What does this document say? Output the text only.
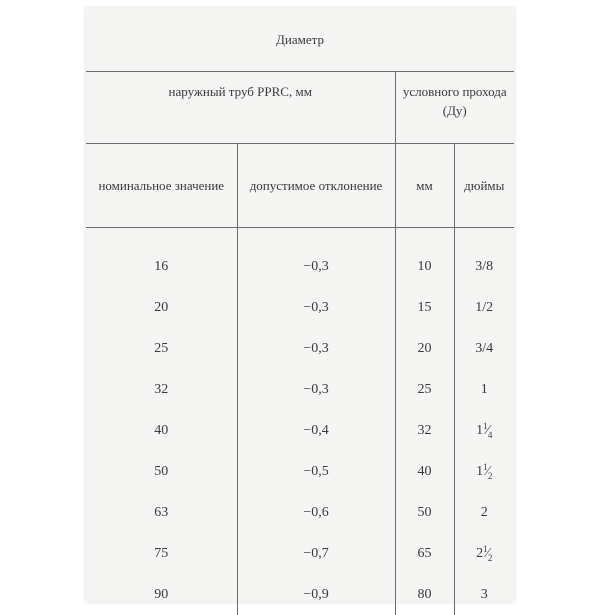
Диаметр			
наружный труб PPRC, мм		условного прохода (Ду)	
номинальное значение	допустимое отклонение	мм	дюймы

16	−0,3	10	3/8
20	−0,3	15	1/2
25	−0,3	20	3/4
32	−0,3	25	1
40	−0,4	32	$1^1⁄_4$
50	−0,5	40	$1^1⁄_2$
63	−0,6	50	2
75	−0,7	65	$2^1⁄_2$
90	−0,9	80	3
